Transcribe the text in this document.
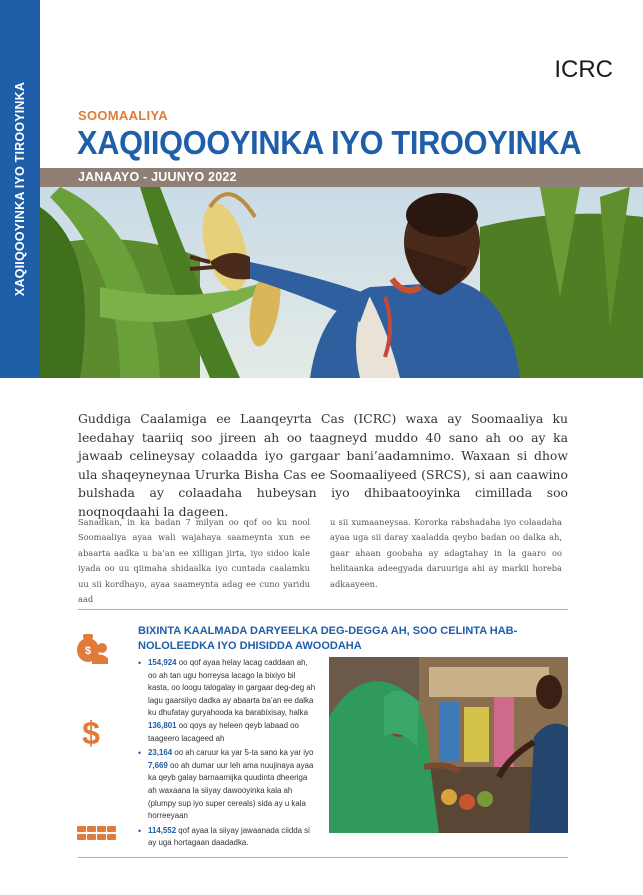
XAQIIQOOYINKA IYO TIROOYINKA
ICRC
SOOMAALIYA
XAQIIQOOYINKA IYO TIROOYINKA
JANAAYO - JUUNYO 2022
Guddiga Caalamiga ee Laanqeyrta Cas (ICRC) waxa ay Soomaaliya ku leedahay taariiq soo jireen ah oo taagneyd muddo 40 sano ah oo ay ka jawaab celineysay colaadda iyo gargaar bani’aadamnimo. Waxaan si dhow ula shaqeyneynaa Ururka Bisha Cas ee Soomaaliyeed (SRCS), si aan caawino bulshada ay colaadaha hubeysan iyo dhibaatooyinka cimillada soo noqnoqdaahi la dageen.
Sanadkan, in ka badan 7 milyan oo qof oo ku nool Soomaaliya ayaa wali wajahaya saameynta xun ee abaarta aadka u ba’an ee xilligan jirta, iyo sidoo kale iyada oo uu qiimaha shidaalka iyo cuntada caalamku uu sii kordhayo, ayaa saameynta adag ee cuno yaridu aad
u sii xumaaneysaa. Kororka rabshadaha iyo colaadaha ayaa uga sii daray xaaladda qeybo badan oo dalka ah, gaar ahaan goobaha ay adagtahay in la gaaro oo helitaanka adeegyada daruuriga ahi ay markii horeba adkaayeen.
$
$
BIXINTA KAALMADA DARYEELKA DEG-DEGGA AH, SOO CELINTA HAB-NOLOLEEDKA IYO DHISIDDA AWOODAHA
• 154,924 oo qof ayaa helay lacag caddaan ah, oo ah tan ugu horreysa lacago la bixiyo bil kasta, oo loogu talogalay in gargaar deg-deg ah lagu gaarsiiyo dadka ay abaarta ba’an ee dalka ku dhufatay guryahooda ka barabixisay, halka 136,801 oo qoys ay heleen qeyb labaad oo taageero lacageed ah
• 23,164 oo ah caruur ka yar 5-ta sano ka yar iyo 7,669 oo ah dumar uur leh ama nuujinaya ayaa ka qeyb galay barnaamijka quudinta dheeriga ah waxaana la siiyay dawooyinka kala ah (plumpy sup iyo super cereals) sida ay u kala horreeyaan
• 114,552 qof ayaa la siiyay jawaanada ciidda si ay uga hortagaan daadadka.
